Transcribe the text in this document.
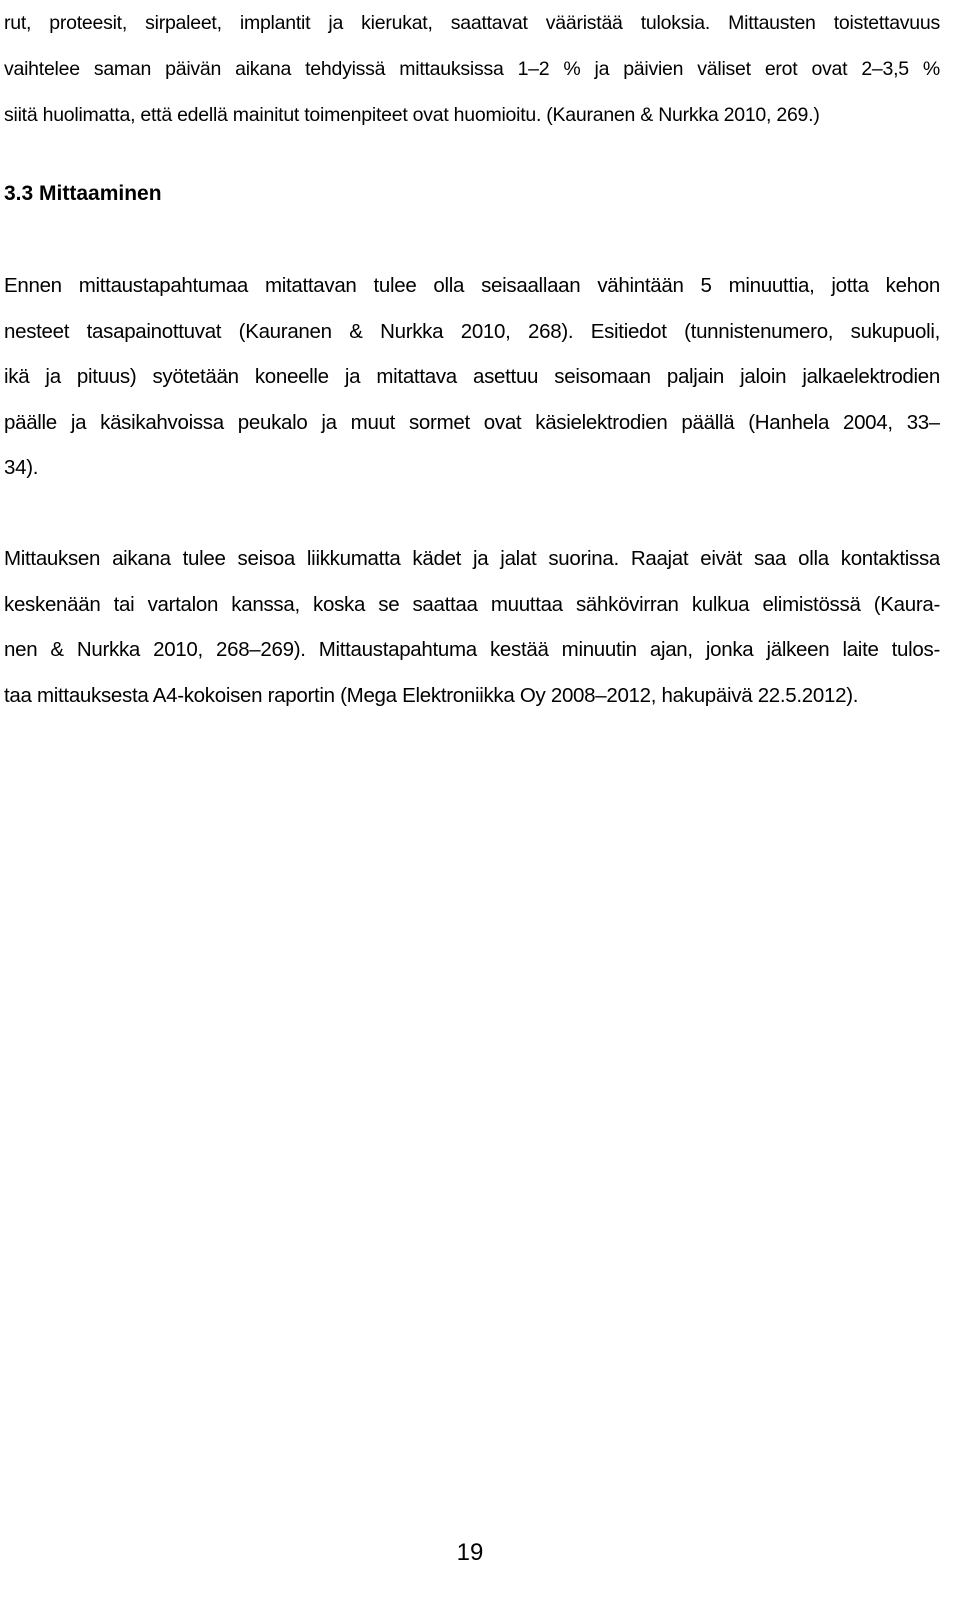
rut, proteesit, sirpaleet, implantit ja kierukat, saattavat vääristää tuloksia. Mittausten toistettavuus
vaihtelee saman päivän aikana tehdyissä mittauksissa 1–2 % ja päivien väliset erot ovat 2–3,5 %
siitä huolimatta, että edellä mainitut toimenpiteet ovat huomioitu. (Kauranen & Nurkka 2010, 269.)
3.3 Mittaaminen
Ennen mittaustapahtumaa mitattavan tulee olla seisaallaan vähintään 5 minuuttia, jotta kehon
nesteet tasapainottuvat (Kauranen & Nurkka 2010, 268). Esitiedot (tunnistenumero, sukupuoli,
ikä ja pituus) syötetään koneelle ja mitattava asettuu seisomaan paljain jaloin jalkaelektrodien
päälle ja käsikahvoissa peukalo ja muut sormet ovat käsielektrodien päällä (Hanhela 2004, 33–
34).
Mittauksen aikana tulee seisoa liikkumatta kädet ja jalat suorina. Raajat eivät saa olla kontaktissa
keskenään tai vartalon kanssa, koska se saattaa muuttaa sähkövirran kulkua elimistössä (Kaura-
nen & Nurkka 2010, 268–269). Mittaustapahtuma kestää minuutin ajan, jonka jälkeen laite tulos-
taa mittauksesta A4-kokoisen raportin (Mega Elektroniikka Oy 2008–2012, hakupäivä 22.5.2012).
19
